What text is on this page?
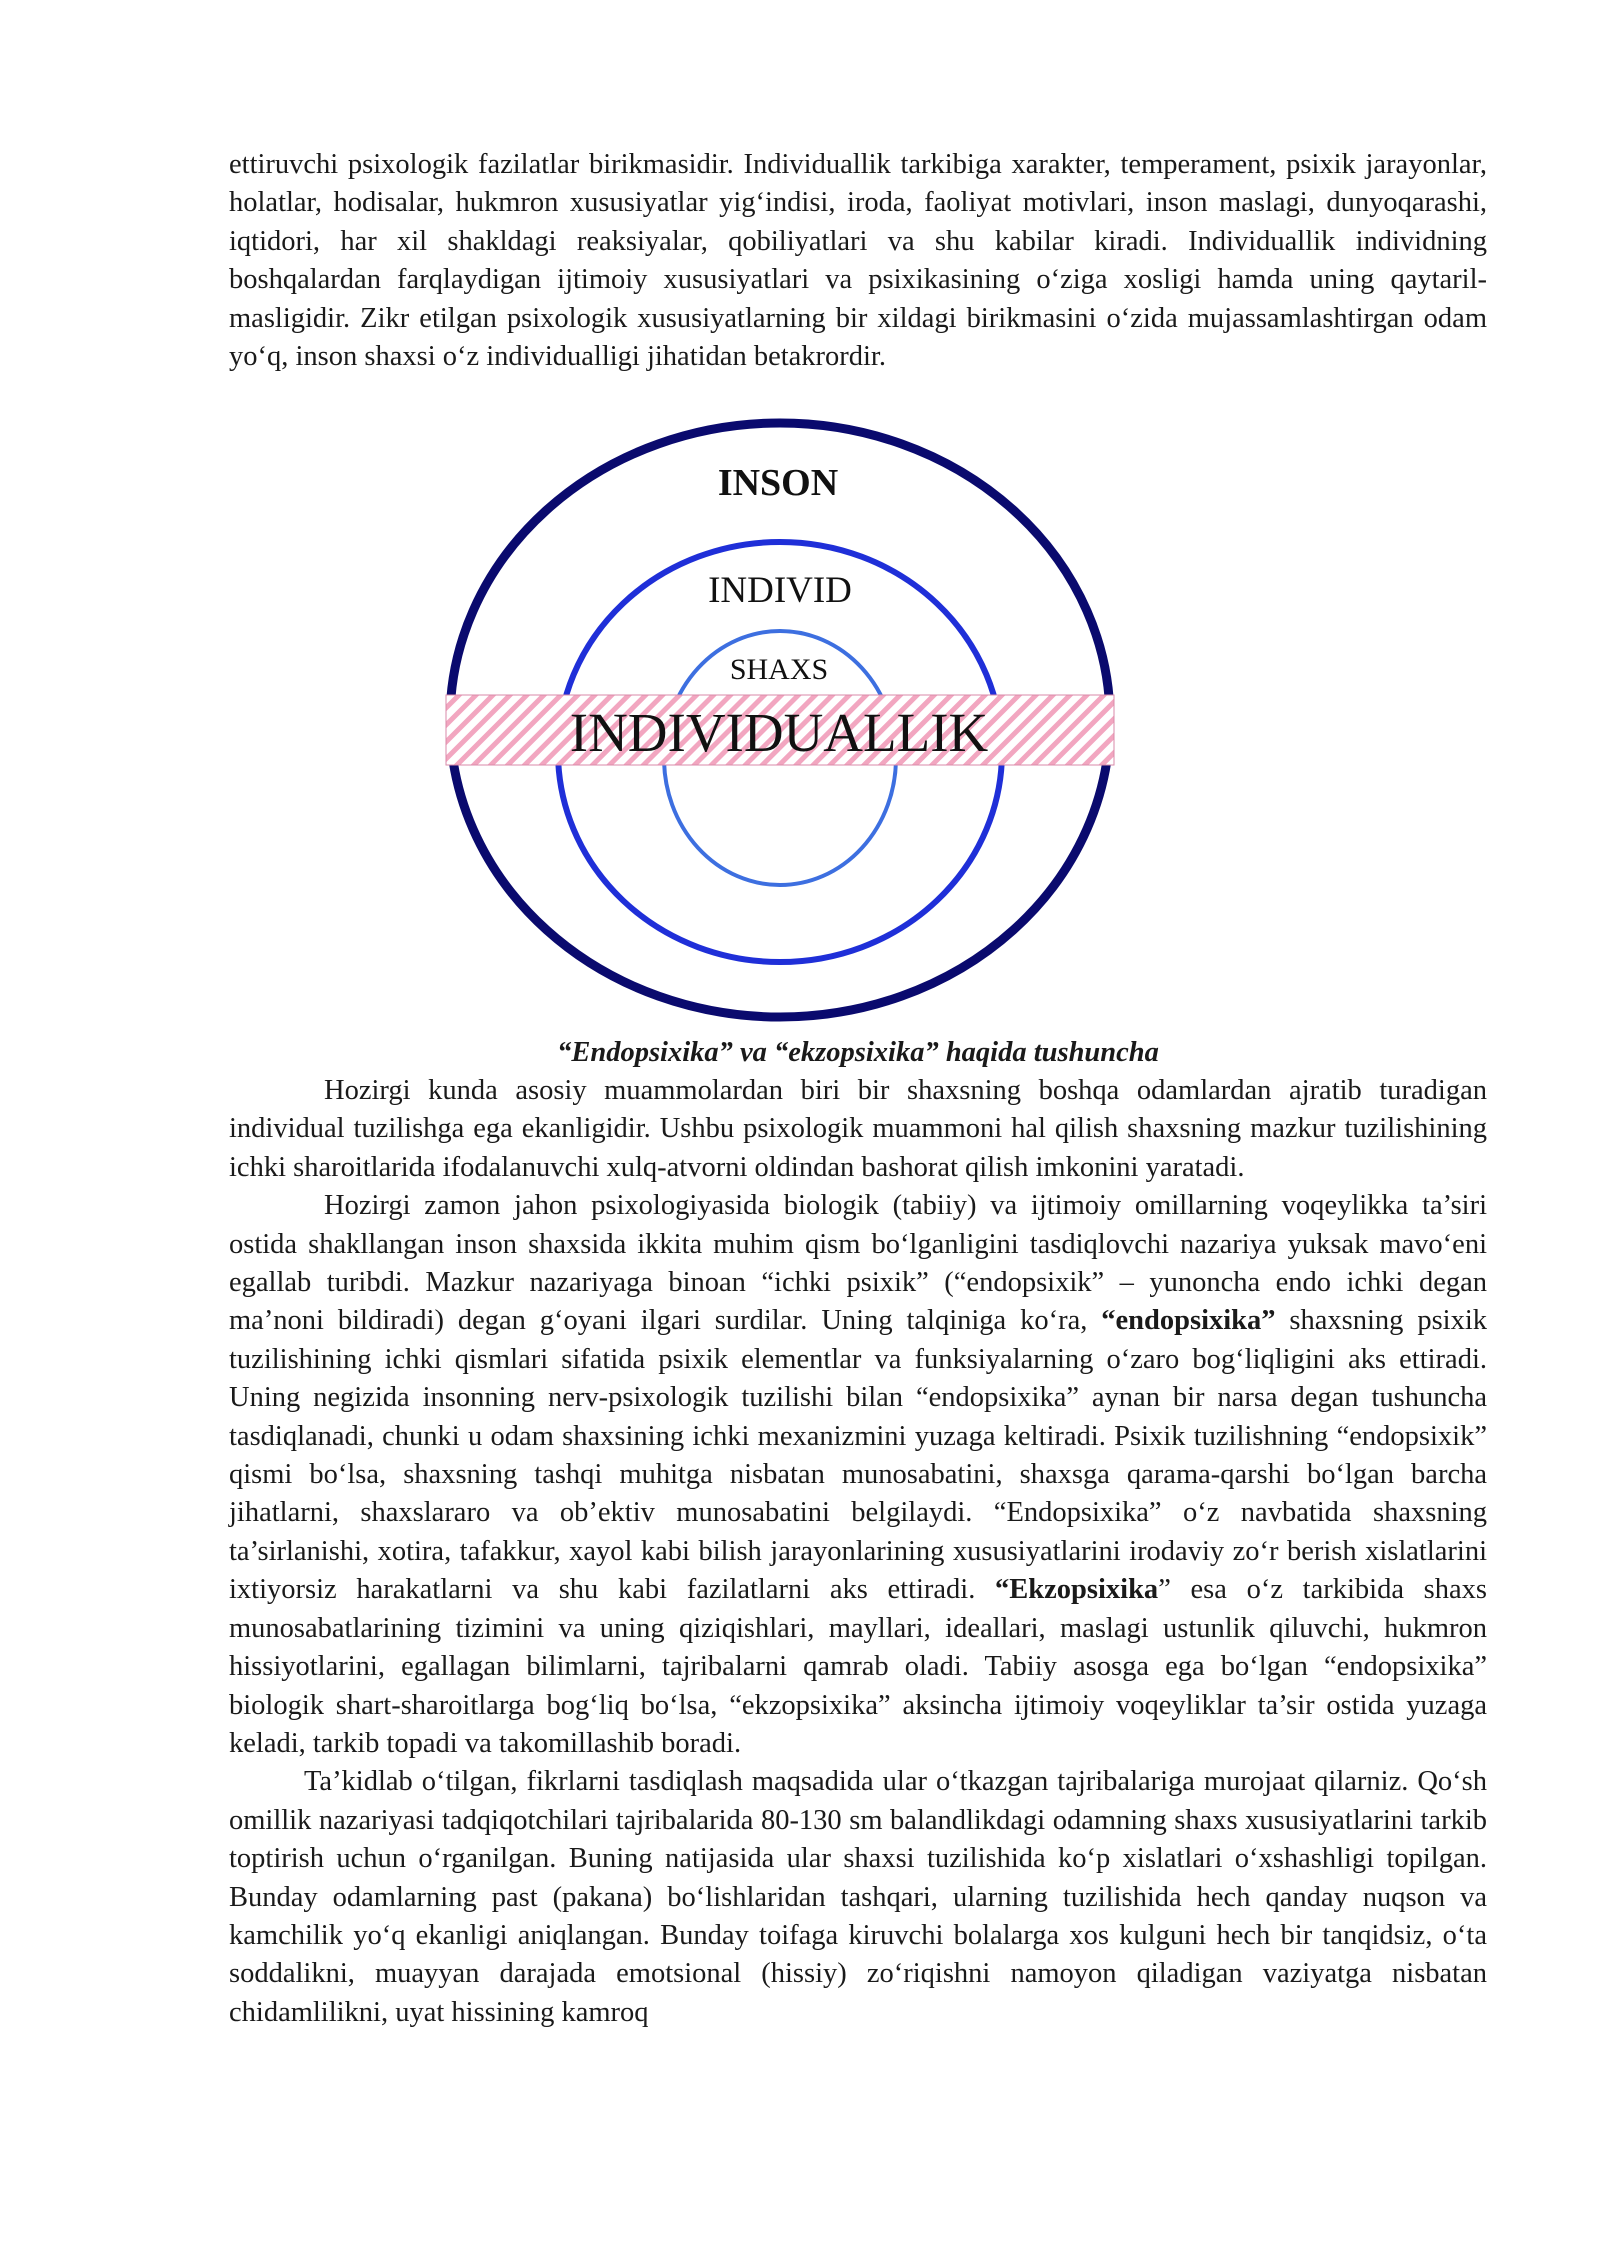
ettiruvchi psixologik fazilatlar birikmasidir. Individuallik tarkibiga xarakter, temperament, psixik jarayonlar, holatlar, hodisalar, hukmron xususiyatlar yig‘indisi, iroda, faoliyat motivlari, inson maslagi, dunyoqarashi, iqtidori, har xil shakldagi reaksiyalar, qobiliyatlari va shu kabilar kiradi. Individuallik individning boshqalardan farqlaydigan ijtimoiy xususiyatlari va psixikasining o‘ziga xosligi hamda uning qaytaril-masligidir. Zikr etilgan psixologik xususiyatlarning bir xildagi birikmasini o‘zida mujassamlashtirgan odam yo‘q, inson shaxsi o‘z individualligi jihatidan betakrordir.
INSON
INDIVID
SHAXS
INDIVIDUALLIK
“Endopsixika” va “ekzopsixika” haqida tushuncha

Hozirgi kunda asosiy muammolardan biri bir shaxsning boshqa odamlardan ajratib turadigan individual tuzilishga ega ekanligidir. Ushbu psixologik muammoni hal qilish shaxsning mazkur tuzilishining ichki sharoitlarida ifodalanuvchi xulq-atvorni oldindan bashorat qilish imkonini yaratadi.

Hozirgi zamon jahon psixologiyasida biologik (tabiiy) va ijtimoiy omillarning voqeylikka ta’siri ostida shakllangan inson shaxsida ikkita muhim qism bo‘lganligini tasdiqlovchi nazariya yuksak mavo‘eni egallab turibdi. Mazkur nazariyaga binoan “ichki psixik” (“endopsixik” – yunoncha endo ichki degan ma’noni bildiradi) degan g‘oyani ilgari surdilar. Uning talqiniga ko‘ra, “endopsixika” shaxsning psixik tuzilishining ichki qismlari sifatida psixik elementlar va funksiyalarning o‘zaro bog‘liqligini aks ettiradi. Uning negizida insonning nerv-psixologik tuzilishi bilan “endopsixika” aynan bir narsa degan tushuncha tasdiqlanadi, chunki u odam shaxsining ichki mexanizmini yuzaga keltiradi. Psixik tuzilishning “endopsixik” qismi bo‘lsa, shaxsning tashqi muhitga nisbatan munosabatini, shaxsga qarama-qarshi bo‘lgan barcha jihatlarni, shaxslararo va ob’ektiv munosabatini belgilaydi. “Endopsixika” o‘z navbatida shaxsning ta’sirlanishi, xotira, tafakkur, xayol kabi bilish jarayonlarining xususiyatlarini irodaviy zo‘r berish xislatlarini ixtiyorsiz harakatlarni va shu kabi fazilatlarni aks ettiradi. “Ekzopsixika” esa o‘z tarkibida shaxs munosabatlarining tizimini va uning qiziqishlari, mayllari, ideallari, maslagi ustunlik qiluvchi, hukmron hissiyotlarini, egallagan bilimlarni, tajribalarni qamrab oladi. Tabiiy asosga ega bo‘lgan “endopsixika” biologik shart-sharoitlarga bog‘liq bo‘lsa, “ekzopsixika” aksincha ijtimoiy voqeyliklar ta’sir ostida yuzaga keladi, tarkib topadi va takomillashib boradi.

Ta’kidlab o‘tilgan, fikrlarni tasdiqlash maqsadida ular o‘tkazgan tajribalariga murojaat qilarniz. Qo‘sh omillik nazariyasi tadqiqotchilari tajribalarida 80-130 sm balandlikdagi odamning shaxs xususiyatlarini tarkib toptirish uchun o‘rganilgan. Buning natijasida ular shaxsi tuzilishida ko‘p xislatlari o‘xshashligi topilgan. Bunday odamlarning past (pakana) bo‘lishlaridan tashqari, ularning tuzilishida hech qanday nuqson va kamchilik yo‘q ekanligi aniqlangan. Bunday toifaga kiruvchi bolalarga xos kulguni hech bir tanqidsiz, o‘ta soddalikni, muayyan darajada emotsional (hissiy) zo‘riqishni namoyon qiladigan vaziyatga nisbatan chidamlilikni, uyat hissining kamroq
